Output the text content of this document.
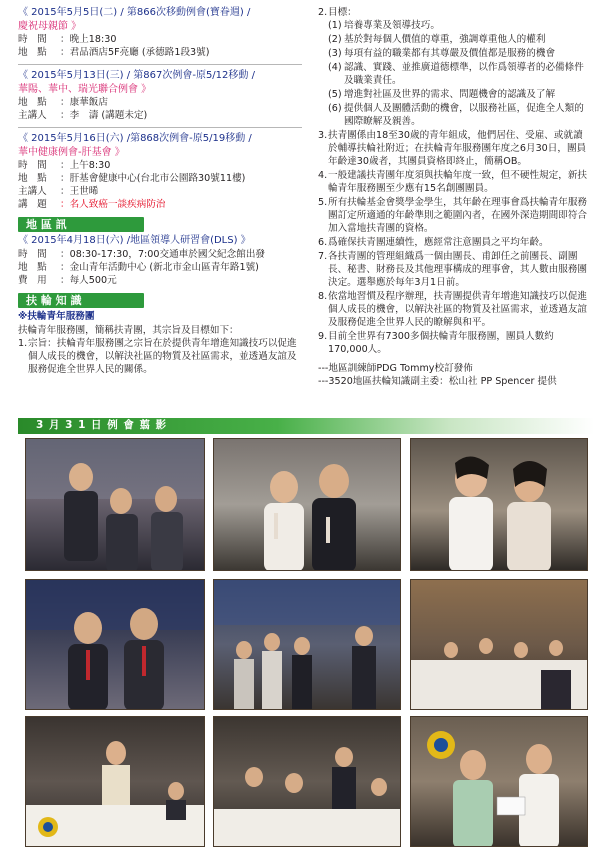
《 2015年5月5日(二) / 第866次移動例會(寶眷週) /
慶祝母親節 》
時　間 ：晚上18:30
地　點 ：君品酒店5F亮廳 (承德路1段3號)
《 2015年5月13日(三) / 第867次例會-原5/12移動 /
華陽、華中、瑞光聯合例會 》
地　點 ：康華飯店
主講人 ：李　濤 (講題未定)
《 2015年5月16日(六) /第868次例會-原5/19移動 /
華中健康例會-肝基會 》
時　間 ：上午8:30
地　點 ：肝基會健康中心(台北市公園路30號11樓)
主講人 ：王世晞
講　題 ：名人致癌一談疾病防治
地 區 訊
《 2015年4月18日(六) /地區領導人研習會(DLS) 》
時　間 ：08:30-17:30，7:00交通車於國父紀念館出發
地　點 ：金山青年活動中心 (新北市金山區青年路1號)
費　用 ：每人500元
扶 輪 知 識
※扶輪青年服務團
扶輪青年服務團，簡稱扶青團，其宗旨及目標如下：
1. 宗旨：扶輪青年服務團之宗旨在於提供青年增進知識技巧以促進個人成長的機會，以解決社區的物質及社區需求，並透過友誼及服務促進全世界人民的關係。
2. 目標：
(1) 培養專業及領導技巧。
(2) 基於對每個人價值的尊重，強調尊重他人的權利
(3) 每項有益的職業都有其尊嚴及價值都是服務的機會
(4) 認識、實踐、並推廣道德標準，以作爲領導者的必備條件及職業責任。
(5) 增進對社區及世界的需求、問題機會的認識及了解
(6) 提供個人及團體活動的機會，以服務社區，促進全人類的國際瞭解及親善。
3. 扶青團係由18至30歲的青年組成，他們居住、受雇、或就讀於輔導扶輪社附近；在扶輪青年服務團年度之6月30日，團員年齡達30歲者，其團員資格即終止，簡稱OB。
4. 一般建議扶青團年度須與扶輪年度一致，但不硬性規定，新扶輪青年服務團至少應有15名創團團員。
5. 所有扶輪基金會獎學金學生，其年齡在理事會爲扶輪青年服務團訂定所適通的年齡準則之範圍內者，在國外深造期間即符合加入當地扶青團的資格。
6. 爲確保扶青團連續性，應經常注意團員之平均年齡。
7. 各扶青團的管理組織爲一個由團長、甫卸任之前團長、副團長、秘書、財務長及其他理事構成的理事會，其人數由服務團決定。選舉應於每年3月1日前。
8. 依當地習慣及程序辦理，扶青團提供青年增進知識技巧以促進個人成長的機會，以解決社區的物質及社區需求，並透過友誼及服務促進全世界人民的瞭解與和平。
9. 目前全世界有7300多個扶輪青年服務團，團員人數約170,000人。
---地區訓練師PDG Tommy校訂發佈
---3520地區扶輪知識副主委：松山社 PP Spencer 提供
3 月 3 1 日 例 會 翦 影
